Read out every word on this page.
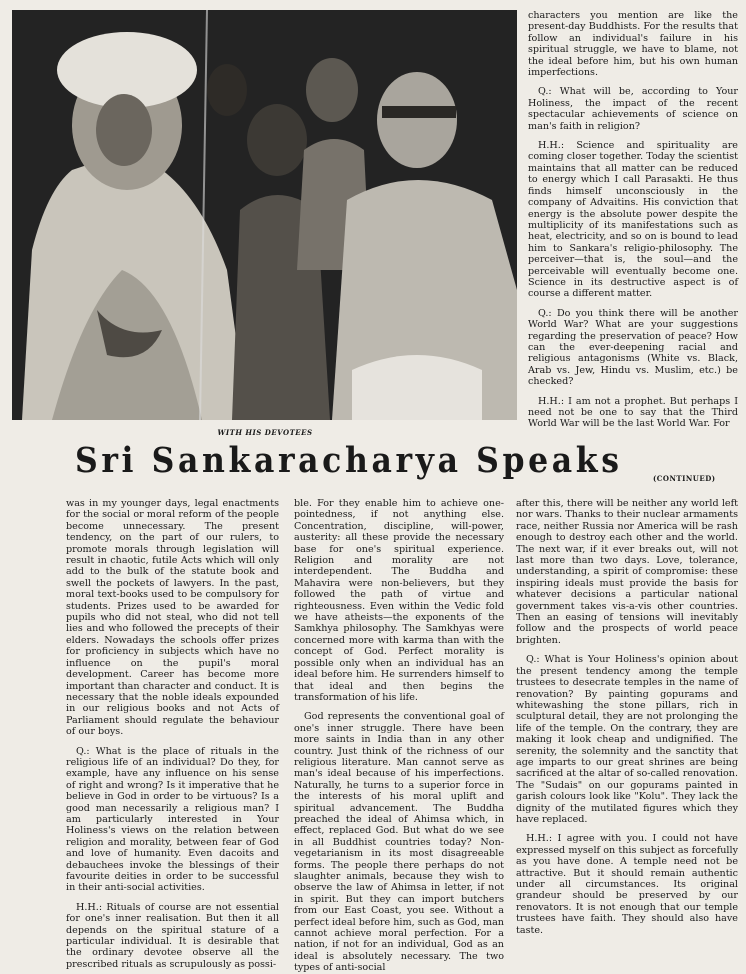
WITH HIS DEVOTEES
Sri Sankaracharya Speaks	(CONTINUED)

characters you mention are like the present-day Buddhists. For the results that follow an individual's failure in his spiritual struggle, we have to blame, not the ideal before him, but his own human imperfections.

Q.: What will be, according to Your Holiness, the impact of the recent spectacular achievements of science on man's faith in religion?

H.H.: Science and spirituality are coming closer together. Today the scientist maintains that all matter can be reduced to energy which I call Parasakti. He thus finds himself unconsciously in the company of Advaitins. His conviction that energy is the absolute power despite the multiplicity of its manifestations such as heat, electricity, and so on is bound to lead him to Sankara's religio-philosophy. The perceiver—that is, the soul—and the perceivable will eventually become one. Science in its destructive aspect is of course a different matter.

Q.: Do you think there will be another World War? What are your suggestions regarding the preservation of peace? How can the ever-deepening racial and religious antagonisms (White vs. Black, Arab vs. Jew, Hindu vs. Muslim, etc.) be checked?

H.H.: I am not a prophet. But perhaps I need not be one to say that the Third World War will be the last World War. For

was in my younger days, legal enactments for the social or moral reform of the people become unnecessary. The present tendency, on the part of our rulers, to promote morals through legislation will result in chaotic, futile Acts which will only add to the bulk of the statute book and swell the pockets of lawyers. In the past, moral text-books used to be compulsory for students. Prizes used to be awarded for pupils who did not steal, who did not tell lies and who followed the precepts of their elders. Nowadays the schools offer prizes for proficiency in subjects which have no influence on the pupil's moral development. Career has become more important than character and conduct. It is necessary that the noble ideals expounded in our religious books and not Acts of Parliament should regulate the behaviour of our boys.

Q.: What is the place of rituals in the religious life of an individual? Do they, for example, have any influence on his sense of right and wrong? Is it imperative that he believe in God in order to be virtuous? Is a good man necessarily a religious man? I am particularly interested in Your Holiness's views on the relation between religion and morality, between fear of God and love of humanity. Even dacoits and debauchees invoke the blessings of their favourite deities in order to be successful in their anti-social activities.

H.H.: Rituals of course are not essential for one's inner realisation. But then it all depends on the spiritual stature of a particular individual. It is desirable that the ordinary devotee observe all the prescribed rituals as scrupulously as possi-

ble. For they enable him to achieve one-pointedness, if not anything else. Concentration, discipline, will-power, austerity: all these provide the necessary base for one's spiritual experience. Religion and morality are not interdependent. The Buddha and Mahavira were non-believers, but they followed the path of virtue and righteousness. Even within the Vedic fold we have atheists—the exponents of the Samkhya philosophy. The Samkhyas were concerned more with karma than with the concept of God. Perfect morality is possible only when an individual has an ideal before him. He surrenders himself to that ideal and then begins the transformation of his life.

God represents the conventional goal of one's inner struggle. There have been more saints in India than in any other country. Just think of the richness of our religious literature. Man cannot serve as man's ideal because of his imperfections. Naturally, he turns to a superior force in the interests of his moral uplift and spiritual advancement. The Buddha preached the ideal of Ahimsa which, in effect, replaced God. But what do we see in all Buddhist countries today? Non-vegetarianism in its most disagreeable forms. The people there perhaps do not slaughter animals, because they wish to observe the law of Ahimsa in letter, if not in spirit. But they can import butchers from our East Coast, you see. Without a perfect ideal before him, such as God, man cannot achieve moral perfection. For a nation, if not for an individual, God as an ideal is absolutely necessary. The two types of anti-social

after this, there will be neither any world left nor wars. Thanks to their nuclear armaments race, neither Russia nor America will be rash enough to destroy each other and the world. The next war, if it ever breaks out, will not last more than two days. Love, tolerance, understanding, a spirit of compromise: these inspiring ideals must provide the basis for whatever decisions a particular national government takes vis-a-vis other countries. Then an easing of tensions will inevitably follow and the prospects of world peace brighten.

Q.: What is Your Holiness's opinion about the present tendency among the temple trustees to desecrate temples in the name of renovation? By painting gopurams and whitewashing the stone pillars, rich in sculptural detail, they are not prolonging the life of the temple. On the contrary, they are making it look cheap and undignified. The serenity, the solemnity and the sanctity that age imparts to our great shrines are being sacrificed at the altar of so-called renovation. The "Sudais" on our gopurams painted in garish colours look like "Kolu". They lack the dignity of the mutilated figures which they have replaced.

H.H.: I agree with you. I could not have expressed myself on this subject as forcefully as you have done. A temple need not be attractive. But it should remain authentic under all circumstances. Its original grandeur should be preserved by our renovators. It is not enough that our temple trustees have faith. They should also have taste.
